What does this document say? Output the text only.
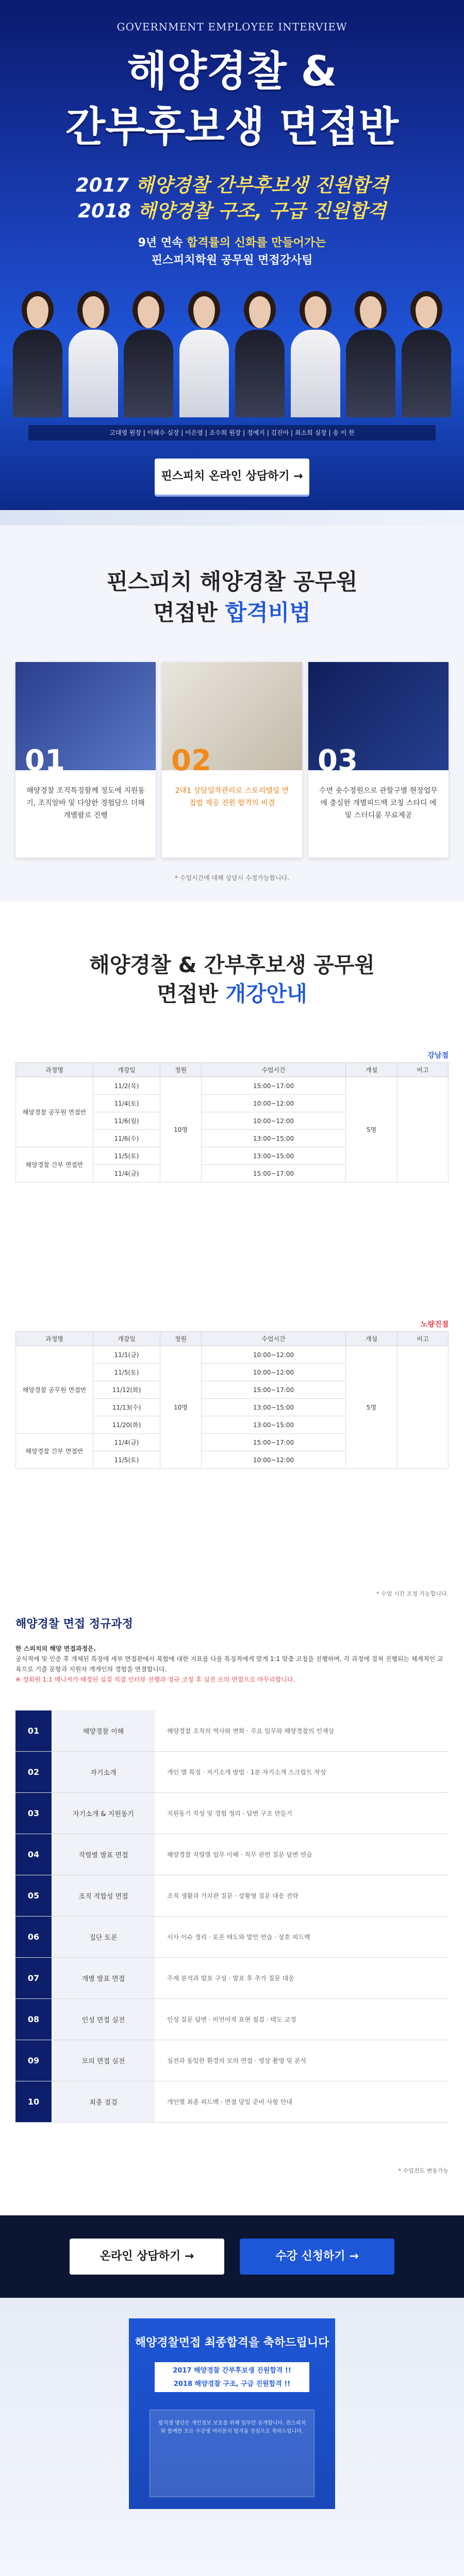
GOVERNMENT EMPLOYEE INTERVIEW
해양경찰 &
간부후보생 면접반
2017 해양경찰 간부후보생 진원합격
2018 해양경찰 구조, 구급 진원합격
9년 연속 합격률의 신화를 만들어가는
핀스피치학원 공무원 면접강사팀
고대영 원장 | 이혜수 실장 | 이은영 | 조수희 원장 | 정예지 | 김진아 | 최소희 실장 | 송 이 한
핀스피치 온라인 상담하기 →
핀스피치 해양경찰 공무원
면접반 합격비법
01
해양경찰 조직특징함께 정도에 지원동기, 조직알바 및 다양한 경험담으 더해 개별팔로 진행
02
2대1 상담밀착관리로 스토리텔링 면접법 제공 전원 합격의 비결
03
수면 숏수정원으로 관할구별 현장업무에 충실한 개별피드백 코칭 스타디 에 및 스터디룸 무료제공
* 수업시간에 대해 상담시 수정가능합니다.
해양경찰 & 간부후보생 공무원
면접반 개강안내
강남점
과정명	개강일	정원	수업시간	개설	비고
해양경찰 공무원 면접반	11/2(목)	10명	15:00~17:00	5명	
	11/4(토)		10:00~12:00		
	11/6(월)		10:00~12:00		
	11/6(수)		13:00~15:00		
해양경찰 간부 면접반	11/5(토)		13:00~15:00		
	11/4(금)		15:00~17:00		
노량진점
과정명	개강일	정원	수업시간	개설	비고
해양경찰 공무원 면접반	11/1(금)	10명	10:00~12:00	5명	
	11/5(토)		10:00~12:00		
	11/12(화)		15:00~17:00		
	11/13(수)		13:00~15:00		
	11/20(화)		13:00~15:00		
해양경찰 간부 면접반	11/4(금)		15:00~17:00		
	11/5(토)		10:00~12:00		
* 수업 시간 조정 가능합니다.
해양경찰 면접 정규과정
한 스피치의 해양 면접과정은.
공식적에 및 인증 후 개체된 특징에 세부 면접관에서 복합에 대한 지표를 다를 특징적에게 맞게 1:1 맞춤 코칭을 진행하며, 각 과정에 걸쳐 진행되는 체계적인 교육으로 기출 문항과 지원자 개개인의 경험을 연결합니다.
※ 정회원 1:1 매니저가 배정된 실질 직접 인터뷰 진행과 정규 코칭 후 실전 모의 면접으로 마무리합니다.
01	해양경찰 이해	해양경찰 조직의 역사와 변화 · 주요 임무와 해양경찰의 인재상
02	자기소개	개인 별 특징 · 자기소개 방법 · 1분 자기소개 스크립트 작성
03	자기소개 & 지원동기	지원동기 작성 및 경험 정리 · 답변 구조 만들기
04	직렬별 발표 면접	해양경찰 직렬별 업무 이해 · 직무 관련 질문 답변 연습
05	조직 적합성 면접	조직 생활과 가치관 질문 · 상황형 질문 대응 전략
06	집단 토론	시사 이슈 정리 · 토론 태도와 발언 연습 · 상호 피드백
07	개별 발표 면접	주제 분석과 발표 구성 · 발표 후 추가 질문 대응
08	인성 면접 실전	인성 질문 답변 · 비언어적 표현 점검 · 태도 교정
09	모의 면접 실전	실전과 동일한 환경의 모의 면접 · 영상 촬영 및 분석
10	최종 점검	개인별 최종 피드백 · 면접 당일 준비 사항 안내
* 수업진도 변동가능
온라인 상담하기 →	수강 신청하기 →
해양경찰면접 최종합격을 축하드립니다
2017 해양경찰 간부후보생 진원합격 !!
2018 해양경찰 구조, 구급 진원합격 !!
합격생 명단은 개인정보 보호를 위해 일부만 공개합니다. 핀스피치와 함께한 모든 수강생 여러분의 합격을 진심으로 축하드립니다.
